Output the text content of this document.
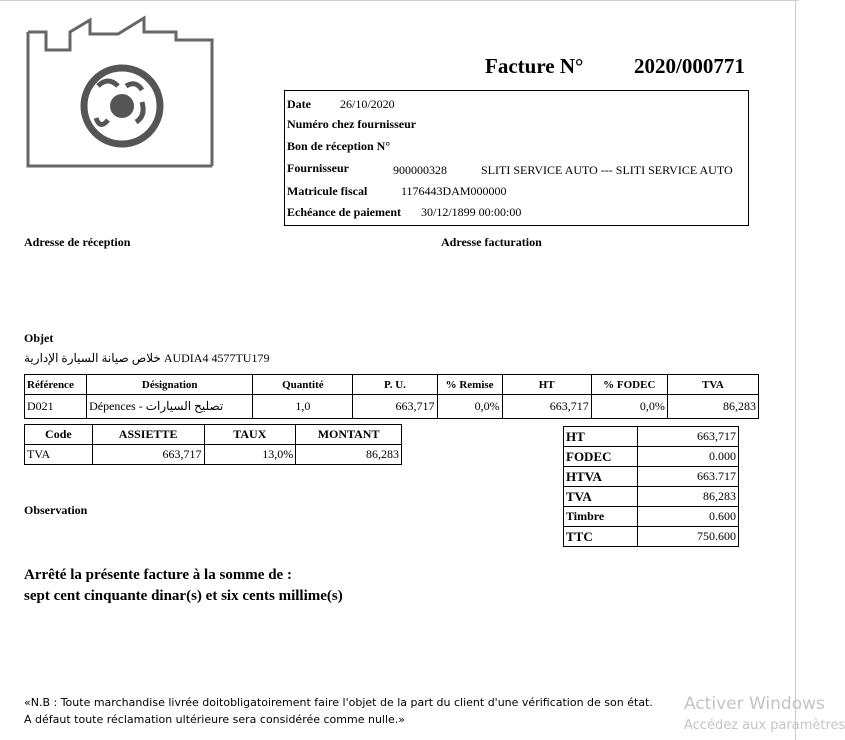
Facture N° 2020/000771
Date 26/10/2020
Numéro chez fournisseur
Bon de réception N°
Fournisseur	900000328	SLITI SERVICE AUTO --- SLITI SERVICE AUTO
Matricule fiscal	1176443DAM000000
Echéance de paiement 30/12/1899 00:00:00
Adresse de réception	Adresse facturation
Objet
خلاص صيانة السيارة الإدارية AUDIA4 4577TU179
Référence	Désignation	Quantité	P. U.	% Remise	HT	% FODEC	TVA
D021	Dépences - تصليح السيارات	1,0	663,717	0,0%	663,717	0,0%	86,283
Code	ASSIETTE	TAUX	MONTANT
TVA	663,717	13,0%	86,283
HT	663,717
FODEC	0.000
HTVA	663.717
TVA	86,283
Timbre	0.600
TTC	750.600
Observation
Arrêté la présente facture à la somme de :
sept cent cinquante dinar(s) et six cents millime(s)
«N.B : Toute marchandise livrée doitobligatoirement faire l'objet de la part du client d'une vérification de son état.
A défaut toute réclamation ultérieure sera considérée comme nulle.»
Activer Windows
Accédez aux paramètres
